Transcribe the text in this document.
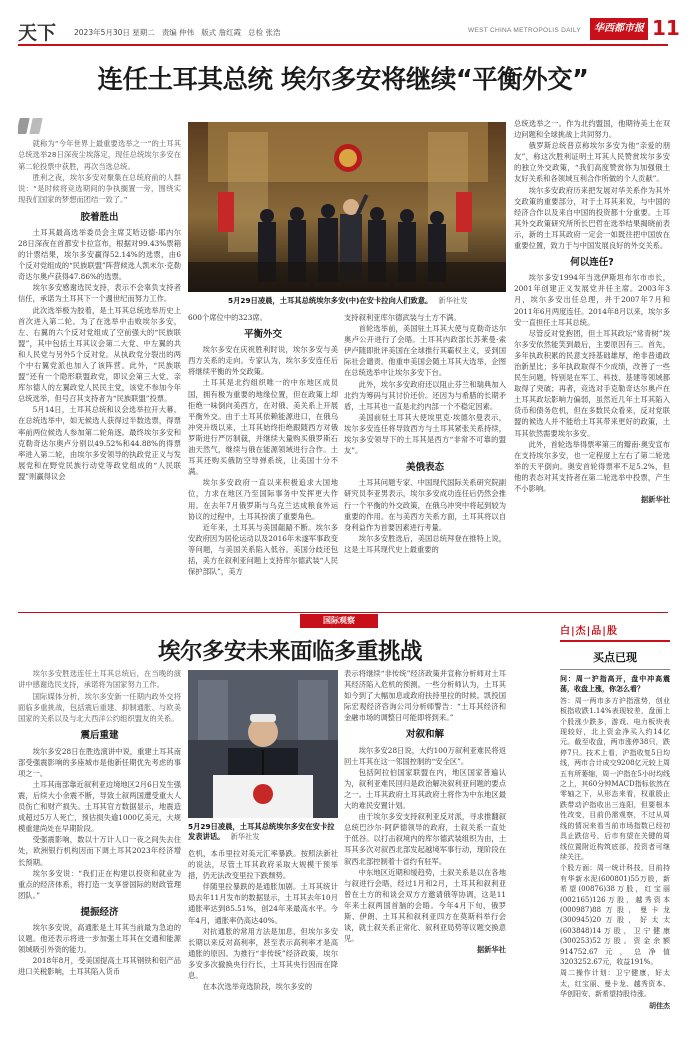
天下 2023年5月30日 星期二 责编 仲伟 版式 詹红霞 总检 张浩	WEST CHINA METROPOLIS DAILY	华西都市报 11
连任土耳其总统 埃尔多安将继续“平衡外交”

就称为“今年世界上最重要选举之一”的土耳其总统选举28日深夜尘埃落定，现任总统埃尔多安在第二轮投票中获胜，再次当选总统。

胜利之夜，埃尔多安对聚集在总统府前的人群说：“是时候将竞选期间的争执搁置一旁，围绕实现我们国家的梦想而团结一致了。”

胶着胜出

土耳其最高选举委员会主席艾哈迈德·耶内尔28日深夜在首都安卡拉宣布，根据对99.43%票箱的计票结果，埃尔多安赢得52.14%的选票，由6个反对党组成的“民族联盟”阵营候选人凯末尔·克勒奇达尔奥卢获得47.86%的选票。

埃尔多安感谢选民支持，表示不会辜负支持者信任，承诺为土耳其下一个週世纪而努力工作。

此次选举极为胶着，是土耳其总统选举历史上首次进入第二轮。为了在选举中击败埃尔多安，左、右翼的六个反对党组成了空前强大的“民族联盟”，其中包括土耳其议会第二大党、中左翼的共和人民党与另外5个反对党。从执政党分裂出的两个中右翼党派也加入了该阵营。此外，“民族联盟”还有一个隐形联盟政党，即议会第三大党、亲库尔德人的左翼政党人民民主党，该党不参加今年总统选举，但号召其支持者为“民族联盟”投票。

5月14日，土耳其总统和议会选举拉开大幕。在总统选举中，如无候选人获得过半数选票，得票率前两位候选人参加第二轮角逐。最终埃尔多安和克勒奇达尔奥卢分别以49.52%和44.88%的得票率进入第二轮，由埃尔多安领导的执政党正义与发展党和在野党民族行动党等政党组成的“人民联盟”则赢得议会

5月29日凌晨，土耳其总统埃尔多安(中)在安卡拉向人们致意。 新华社发

600个席位中的323席。

平衡外交

埃尔多安在庆祝胜利时说，埃尔多安与美西方关系的走向。专家认为，埃尔多安连任后将继续平衡的外交政策。

土耳其是北约组织唯一的中东地区成员国，拥有极为重要的地缘位置，但在政策上却拒绝一味倒向美西方，在对俄、美关系上开展平衡外交。由于土耳其依赖能源进口，在俄乌冲突升级以来，土耳其始终拒绝跟随西方对俄罗斯进行严厉制裁，并继续大量购买俄罗斯石油天然气，继续与俄在能源领域进行合作。土耳其还购买俄防空导弹系统，让美国十分不满。

埃尔多安政府一直以来积极追求大国地位，力求在地区乃至国际事务中发挥更大作用。在去年7月俄罗斯与乌克兰达成粮食外运协议的过程中，土耳其扮演了重要角色。

近年来，土耳其与美国龃龉不断。埃尔多安政府因为居伦运动以及2016年未遂军事政变等问题，与美国关系陷入低谷。美国分歧还包括，美方在叙利亚问题上支持库尔德武装“人民保护部队”，美方

支持叙利亚库尔德武装与土方不满。

首轮选举前，美国驻土耳其大使与克勒奇达尔奥卢公开进行了会晤。土耳其内政部长苏莱曼·索伊卢随即批评美国在全球推行其霸权主义，妥到国际社会谴责。他重申美国会随土耳其大选举，企图在总统选举中让埃尔多安下台。

此外，埃尔多安政府还以阻止芬兰和瑞典加入北约为筹码与其讨价还价。还因为与希腊的长期矛盾，土耳其也一直是北约内部一个不稳定因素。

美国前驻土耳其大使埃里克·埃德尔曼表示，埃尔多安连任将导致西方与土耳其紧张关系持续，埃尔多安领导下的土耳其是西方“非常不可靠的盟友”。

美俄表态

土耳其问题专家、中国现代国际关系研究院副研究员李亚男表示，埃尔多安成功连任后仍然会推行一个平衡的外交政策，在俄乌冲突中将起到较为重要的作用。在与美西方关系方面，土耳其将以自身利益作为首要因素进行考量。

埃尔多安胜选后，美国总统拜登在推特上说，这是土耳其现代史上最重要的

总统选举之一。作为北约盟国，他期待美土在双边问题和全球挑战上共同努力。

俄罗斯总统普京称埃尔多安为他“亲爱的朋友”，称这次胜利证明土耳其人民赞赏埃尔多安的独立外交政策，“我们高度赞赏你为加强俄土友好关系和各领域互利合作所做的个人贡献”。

埃尔多安政府历来把发展对华关系作为其外交政策的重要部分，对于土耳其来说，与中国的经济合作以及来自中国的投资都十分重要。土耳其外交政策研究所所长巴哲在选举结果揭晓前表示，新的土耳其政府一定会一如既往把中国放在重要位置，致力于与中国发展良好的外交关系。

何以连任?

埃尔多安1994年当选伊斯坦布尔市市长，2001年创建正义发展党并任主席。2003年3月，埃尔多安出任总理，并于2007年7月和2011年6月两度连任。2014年8月以来，埃尔多安一直担任土耳其总统。

尽管反对党抱团，但土耳其政坛“常青树”埃尔多安依然能笑到最后，主要原因有三。首先，多年执政积累的民意支持基础雄厚，绝非普通政治新星比；多年执政取得不少成绩，改善了一些民生问题，特别是在军工、科技、基建等领域都取得了突破；再者，竞选对手克勒奇达尔奥卢在土耳其政坛影响力偏弱，虽然近几年土耳其陷入货币和债务危机，但在多数民众看来，反对党联盟的候选人并不能给土耳其带来更好的政策，土耳其依然需要埃尔多安。

此外，首轮选举得票率第三的瓣南·奥安宣布在支持埃尔多安，也一定程度上左右了第二轮选举的天平倒向。奥安首轮得票率不足5.2%，但他的表态对其支持者在第二轮选举中投票，产生不小影响。

据新华社
国际观察
埃尔多安未来面临多重挑战

埃尔多安胜选连任土耳其总统后，在当晚的演讲中感谢选民支持，承诺将为国家努力工作。

国际媒体分析，埃尔多安新一任期内政外交将面临多重挑战，包括震后重建、抑制通胀、与欧美国家的关系以及与北大西洋公约组织盟友的关系。

震后重建

埃尔多安28日在胜选演讲中说，重建土耳其南部受强震影响的多座城市是他新任期优先考虑的事项之一。

土耳其南部靠近叙利亚边境地区2月6日发生强震，后续大小余震不断，导致土叙两国遭受重大人员伤亡和财产损失。土耳其官方数据显示，地震造成超过5万人死亡，预估损失逾1000亿美元，大规模重建尚处在早期阶段。

受强震影响，数以十万计人口一夜之间失去住处，欧洲银行机构因而下调土耳其2023年经济增长预期。

埃尔多安说：“我们正在构建以投资和就业为重点的经济体系，将打造一支享誉国际的财政管理团队。”

提振经济

埃尔多安说，高通胀是土耳其当前最为急迫的议题。他还表示将进一步加强土耳其在交通和能源领域吸引外资的能力。

2018年8月，受美国提高土耳其钢铁和铝产品进口关税影响，土耳其陷入货币

5月29日凌晨，土耳其总统埃尔多安在安卡拉发表讲话。 新华社发

危机，本币里拉对美元汇率暴跌。按照法新社的说法，尽管土耳其政府采取大规模干预举措，仍无法改变里拉下跌颓势。

伴随里拉暴跌的是通胀加剧。土耳其统计局去年11月发布的数据显示，土耳其去年10月通胀率达到85.51%，创24年来最高水平。今年4月，通胀率仍高达40%。

对抗通胀的常用方法是加息，但埃尔多安长期以来反对高利率，甚至表示高利率才是高通胀的原因。为推行“非传统”经济政策，埃尔多安多次撤换央行行长，土耳其央行因而在降息。

在本次选举竞选阶段，埃尔多安的

表示将继续“非传统”经济政策并宣称分析师对土耳其经济陷入危机的预测。一些分析师认为，土耳其如今到了大幅加息或政府扶持里拉的时候。凯投国际宏观经济咨询公司分析师警告：“土耳其经济和金融市场的调整日可能即将到来。”

对叙和解

埃尔多安28日说，大约100万叙利亚难民将返回土耳其在这一邻国控制的“安全区”。

包括阿拉伯国家联盟在内，地区国家普遍认为，叙利亚难民回归是政治解决叙利亚问题的要点之一。土耳其政府土耳其政府土将作为中东地区最大的难民安置计划。

由于埃尔多安支持叙利亚反对派，寻求推翻叙总统巴沙尔·阿萨德领导的政府，土叙关系一直处于低谷。以打击叙境内的库尔德武装组织为由，土耳其多次对叙西北部发起越境军事行动，现阶段在叙西北部控制着十省约有驻军。

中东地区近期和缓趋势，土叙关系是以在各地与叙进行会晤，经过1月和2月，土耳其和叙利亚曾在土方的和谈会双方方邀请俄等协调，这是11年来土叙两国首脑的会晤。今年4月下旬，俄罗斯、伊朗、土耳其和叙利亚四方在莫斯科举行会谈，就土叙关系正常化、叙利亚局势等议题交换意见。

据新华社
白|杰|品|股
买点已现

问：周一沪指高开，盘中冲高震荡，收盘上涨，你怎么看？

答：周一两市多方沪指涨势，创业板指收跌1.14%表现较差，盘面上个股涨少跌多，游戏、电力板块表现较好，北上资金净买入约14亿元。截至收盘，两市涨停38只，跌停7只。技术上看，沪指收复5日均线，两市合计成交9208亿元较上周五有所萎缩，周一沪指在5小时均线之上，其60分钟MACD指标依然在零轴之下，从形态来看，权重股止跌带动沪指收出三连阳，但要根本性改变，目前仍需观察，不过从周线的情况来看当前市场指数已经初具止跌信号，后市有望在关键的周线位置附近构筑底部，投资者可继续关注。

个股方面：周一统计科技，目前持有华新水泥(600801)55万股，新希望(00876)38万股，红宝丽(002165)126万股，越秀资本(000987)88万股，曼卡龙(300945)20万股，好太太(603848)14万股，卫宁健康(300253)52万股。资金余额914752.67元，总净值3203252.67元，收益191%。

周二操作计划：卫宁健康，好太太，红宝丽、曼卡龙、越秀资本、华创阳安、新希望持股待涨。

胡佳杰
